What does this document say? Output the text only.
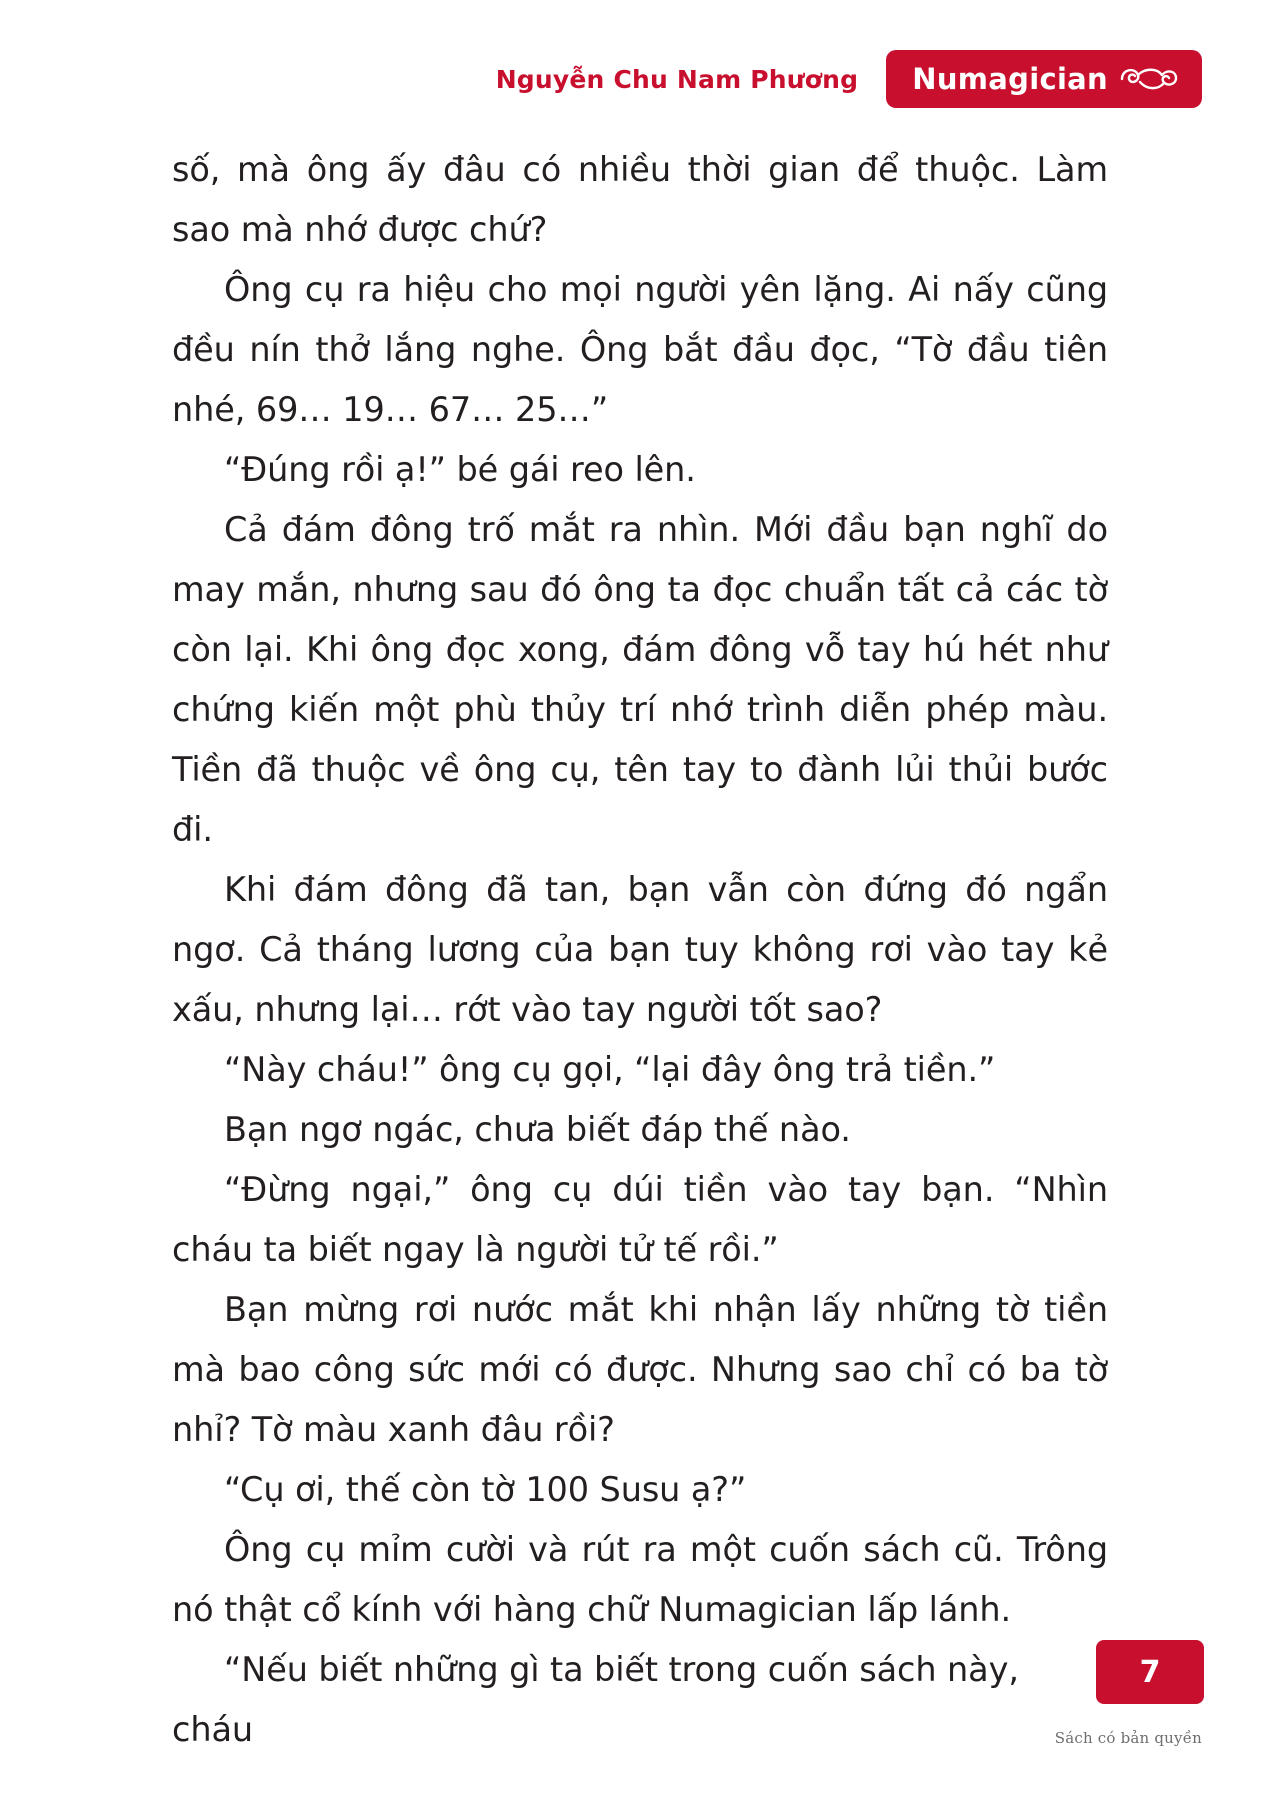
Nguyễn Chu Nam Phương Numagician

số, mà ông ấy đâu có nhiều thời gian để thuộc. Làm sao mà nhớ được chứ?

Ông cụ ra hiệu cho mọi người yên lặng. Ai nấy cũng đều nín thở lắng nghe. Ông bắt đầu đọc, “Tờ đầu tiên nhé, 69… 19… 67… 25…”

“Đúng rồi ạ!” bé gái reo lên.

Cả đám đông trố mắt ra nhìn. Mới đầu bạn nghĩ do may mắn, nhưng sau đó ông ta đọc chuẩn tất cả các tờ còn lại. Khi ông đọc xong, đám đông vỗ tay hú hét như chứng kiến một phù thủy trí nhớ trình diễn phép màu. Tiền đã thuộc về ông cụ, tên tay to đành lủi thủi bước đi.

Khi đám đông đã tan, bạn vẫn còn đứng đó ngẩn ngơ. Cả tháng lương của bạn tuy không rơi vào tay kẻ xấu, nhưng lại… rớt vào tay người tốt sao?

“Này cháu!” ông cụ gọi, “lại đây ông trả tiền.”

Bạn ngơ ngác, chưa biết đáp thế nào.

“Đừng ngại,” ông cụ dúi tiền vào tay bạn. “Nhìn cháu ta biết ngay là người tử tế rồi.”

Bạn mừng rơi nước mắt khi nhận lấy những tờ tiền mà bao công sức mới có được. Nhưng sao chỉ có ba tờ nhỉ? Tờ màu xanh đâu rồi?

“Cụ ơi, thế còn tờ 100 Susu ạ?”

Ông cụ mỉm cười và rút ra một cuốn sách cũ. Trông nó thật cổ kính với hàng chữ Numagician lấp lánh.

“Nếu biết những gì ta biết trong cuốn sách này, cháu

7
Sách có bản quyền
